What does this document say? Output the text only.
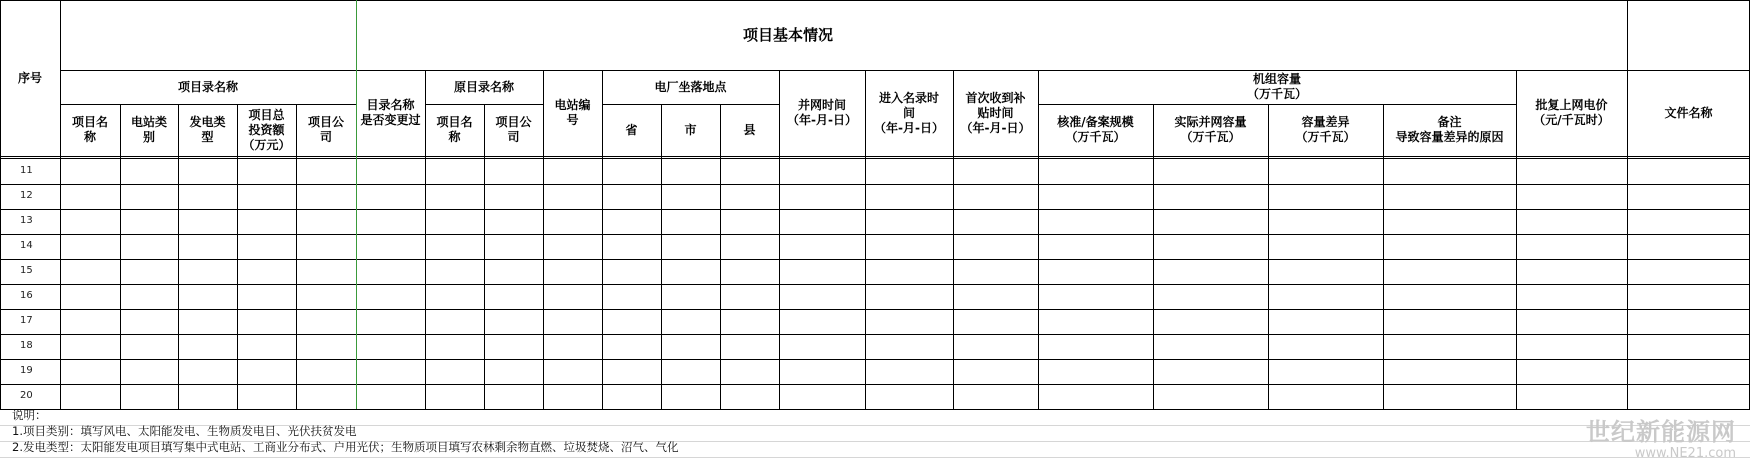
项目基本情况
序号
项目录名称
项目名
称
电站类
别
发电类
型
项目总
投资额
（万元）
项目公
司
目录名称
是否变更过
原目录名称
项目名
称
项目公
司
电站编
号
电厂坐落地点
省	市	县
并网时间
（年-月-日）
进入名录时
间
（年-月-日）
首次收到补
贴时间
（年-月-日）
机组容量
（万千瓦）
核准/备案规模
（万千瓦）
实际并网容量
（万千瓦）
容量差异
（万千瓦）
备注
导致容量差异的原因
批复上网电价
（元/千瓦时）
文件名称
11
12
13
14
15
16
17
18
19
20
说明：
1.项目类别：填写风电、太阳能发电、生物质发电目、光伏扶贫发电
2.发电类型：太阳能发电项目填写集中式电站、工商业分布式、户用光伏；生物质项目填写农林剩余物直燃、垃圾焚烧、沼气、气化
世纪新能源网
www.NE21.com
